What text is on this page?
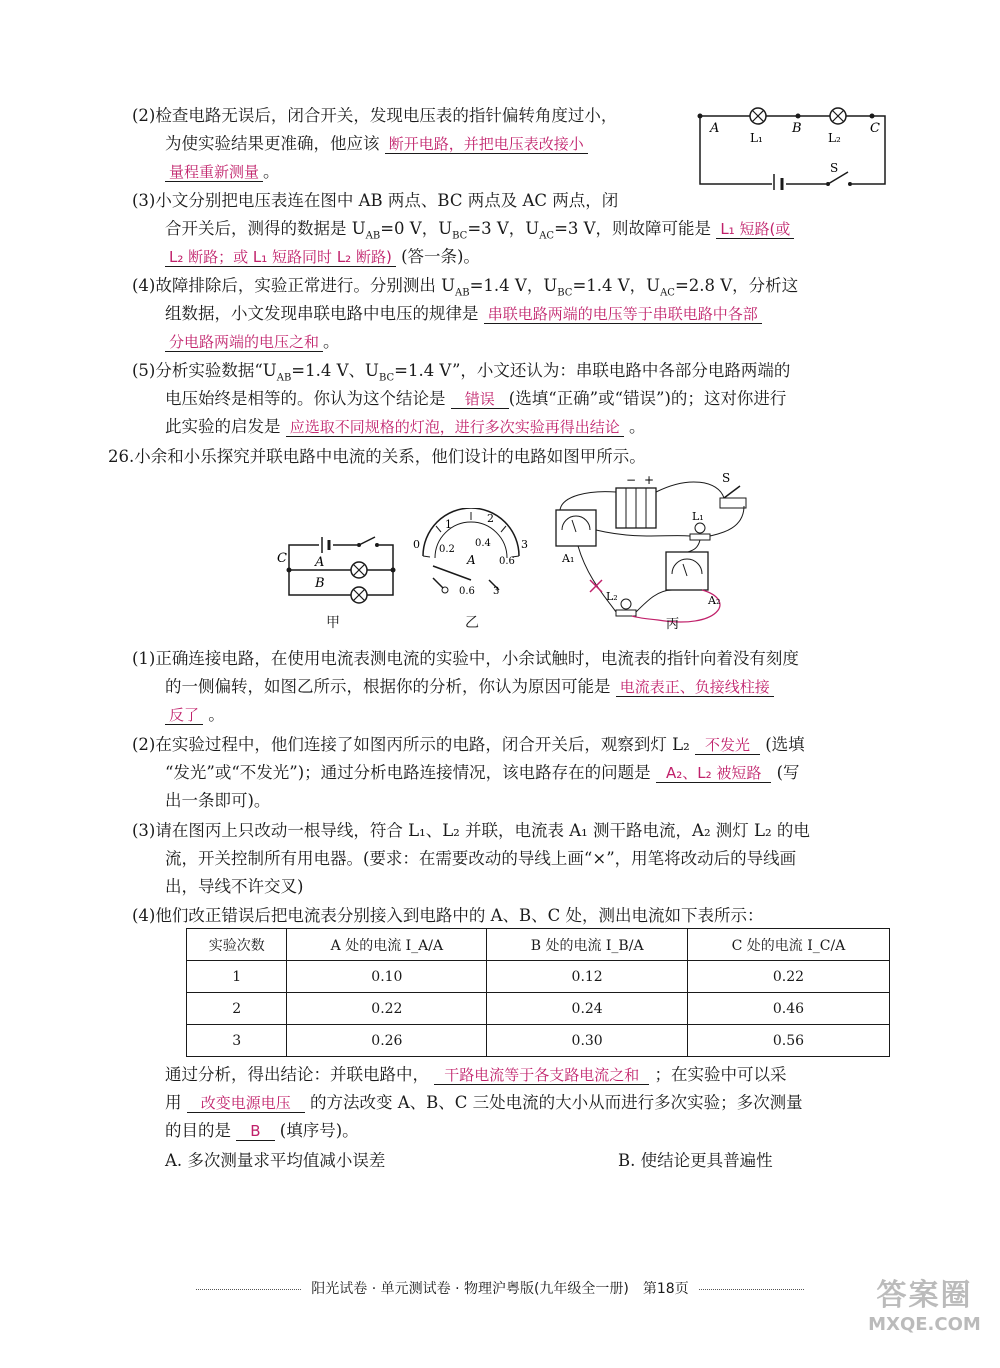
(2)检查电路无误后，闭合开关，发现电压表的指针偏转角度过小，
为使实验结果更准确，他应该 断开电路，并把电压表改接小
量程重新测量 。
A
L₁
B
L₂
C
S
(3)小文分别把电压表连在图中 AB 两点、BC 两点及 AC 两点，闭
合开关后，测得的数据是 $U_{AB}=0$ V，$U_{BC}=3$ V，$U_{AC}=3$ V，则故障可能是 L₁ 短路(或
L₂ 断路；或 L₁ 短路同时 L₂ 断路) (答一条)。
(4)故障排除后，实验正常进行。分别测出 $U_{AB}=1.4$ V，$U_{BC}=1.4$ V，$U_{AC}=2.8$ V，分析这
组数据，小文发现串联电路中电压的规律是 串联电路两端的电压等于串联电路中各部
分电路两端的电压之和 。
(5)分析实验数据“$U_{AB}=1.4$ V、$U_{BC}=1.4$ V”，小文还认为：串联电路中各部分电路两端的
电压始终是相等的。你认为这个结论是 错误 (选填“正确”或“错误”)的；这对你进行
此实验的启发是 应选取不同规格的灯泡，进行多次实验再得出结论 。
26.小余和小乐探究并联电路中电流的关系，他们设计的电路如图甲所示。
C A
B
甲
0
1	2
3
0.2
0.4
0.6
A
0.6 3
乙
− +	S
L₁
L₂
A₁
A₂
丙
(1)正确连接电路，在使用电流表测电流的实验中，小余试触时，电流表的指针向着没有刻度
的一侧偏转，如图乙所示，根据你的分析，你认为原因可能是 电流表正、负接线柱接
反了 。
(2)在实验过程中，他们连接了如图丙所示的电路，闭合开关后，观察到灯 L₂ 不发光 (选填
“发光”或“不发光”)；通过分析电路连接情况，该电路存在的问题是 A₂、L₂ 被短路 (写
出一条即可)。
(3)请在图丙上只改动一根导线，符合 L₁、L₂ 并联，电流表 A₁ 测干路电流，A₂ 测灯 L₂ 的电
流，开关控制所有用电器。(要求：在需要改动的导线上画“×”，用笔将改动后的导线画
出，导线不许交叉)
(4)他们改正错误后把电流表分别接入到电路中的 A、B、C 处，测出电流如下表所示：
实验次数	A 处的电流 I_A/A	B 处的电流 I_B/A	C 处的电流 I_C/A
1	0.10	0.12	0.22
2	0.22	0.24	0.46
3	0.26	0.30	0.56
通过分析，得出结论：并联电路中， 干路电流等于各支路电流之和 ；在实验中可以采
用 改变电源电压 的方法改变 A、B、C 三处电流的大小从而进行多次实验；多次测量
的目的是 B (填序号)。
A. 多次测量求平均值减小误差	B. 使结论更具普遍性
阳光试卷 · 单元测试卷 · 物理沪粤版(九年级全一册)　第18页	答案圈
MXQE.COM
